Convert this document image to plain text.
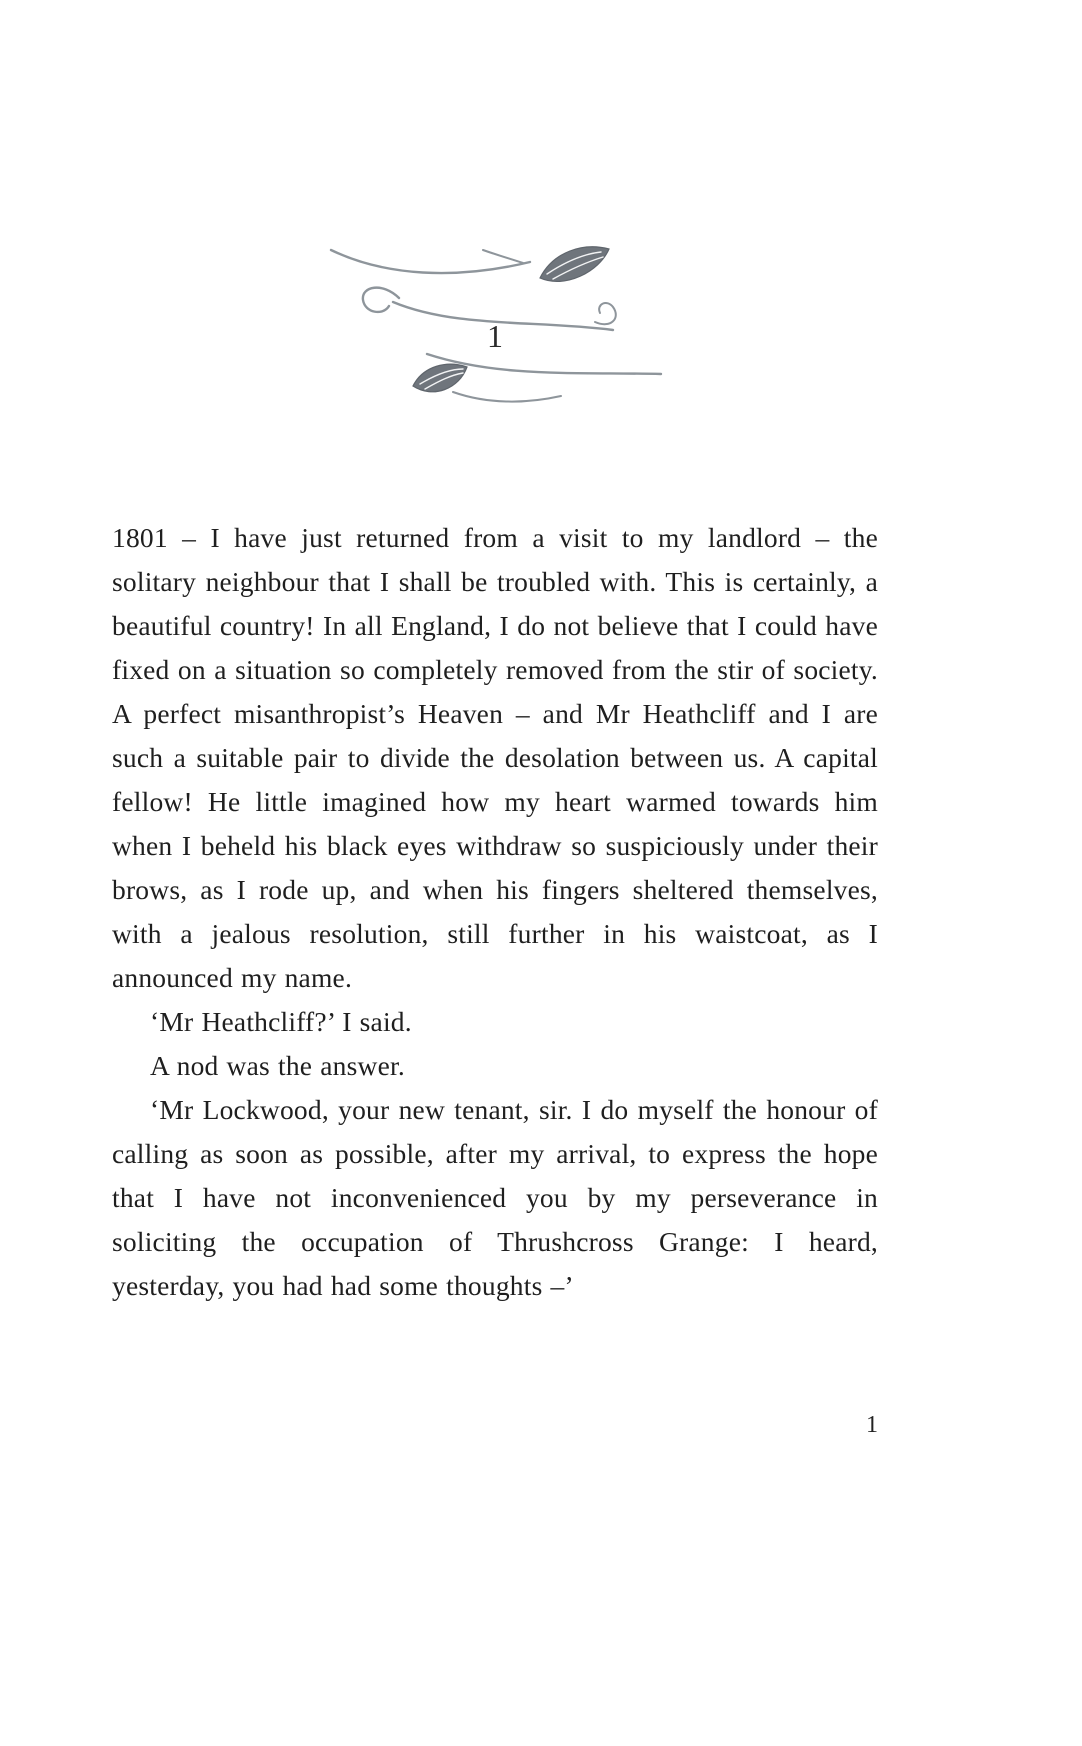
1

1801 – I have just returned from a visit to my landlord – the solitary neighbour that I shall be troubled with. This is certainly, a beautiful country! In all England, I do not believe that I could have fixed on a situation so completely removed from the stir of society. A perfect misanthropist’s Heaven – and Mr Heathcliff and I are such a suitable pair to divide the desolation between us. A capital fellow! He little imagined how my heart warmed towards him when I beheld his black eyes withdraw so suspiciously under their brows, as I rode up, and when his fingers sheltered themselves, with a jealous resolution, still further in his waistcoat, as I announced my name.

‘Mr Heathcliff?’ I said.

A nod was the answer.

‘Mr Lockwood, your new tenant, sir. I do myself the honour of calling as soon as possible, after my arrival, to express the hope that I have not inconvenienced you by my perseverance in soliciting the occupation of Thrushcross Grange: I heard, yesterday, you had had some thoughts –’

1
